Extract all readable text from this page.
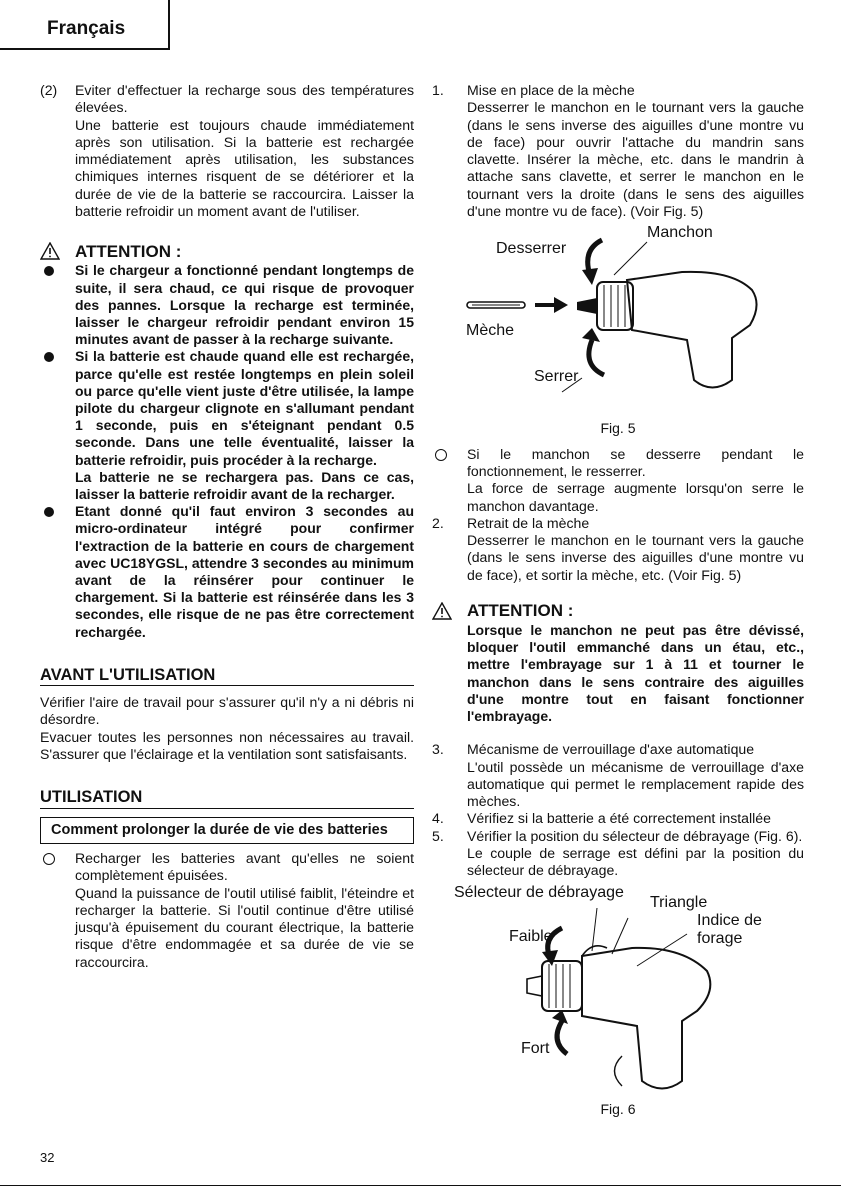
Français
(2)	Eviter d'effectuer la recharge sous des températures élevées.

Une batterie est toujours chaude immédiatement après son utilisation. Si la batterie est rechargée immédiatement après utilisation, les substances chimiques internes risquent de se détériorer et la durée de vie de la batterie se raccourcira. Laisser la batterie refroidir un moment avant de l'utiliser.

ATTENTION :
Si le chargeur a fonctionné pendant longtemps de suite, il sera chaud, ce qui risque de provoquer des pannes. Lorsque la recharge est terminée, laisser le chargeur refroidir pendant environ 15 minutes avant de passer à la recharge suivante.
Si la batterie est chaude quand elle est rechargée, parce qu'elle est restée longtemps en plein soleil ou parce qu'elle vient juste d'être utilisée, la lampe pilote du chargeur clignote en s'allumant pendant 1 seconde, puis en s'éteignant pendant 0.5 seconde. Dans une telle éventualité, laisser la batterie refroidir, puis procéder à la recharge.
La batterie ne se rechargera pas. Dans ce cas, laisser la batterie refroidir avant de la recharger.
Etant donné qu'il faut environ 3 secondes au micro-ordinateur intégré pour confirmer l'extraction de la batterie en cours de chargement avec UC18YGSL, attendre 3 secondes au minimum avant de la réinsérer pour continuer le chargement. Si la batterie est réinsérée dans les 3 secondes, elle risque de ne pas être correctement rechargée.
AVANT L'UTILISATION

Vérifier l'aire de travail pour s'assurer qu'il n'y a ni débris ni désordre.

Evacuer toutes les personnes non nécessaires au travail. S'assurer que l'éclairage et la ventilation sont satisfaisants.

UTILISATION
Comment prolonger la durée de vie des batteries

Recharger les batteries avant qu'elles ne soient complètement épuisées.

Quand la puissance de l'outil utilisé faiblit, l'éteindre et recharger la batterie. Si l'outil continue d'être utilisé jusqu'à épuisement du courant électrique, la batterie risque d'être endommagée et sa durée de vie se raccourcira.

1.	Mise en place de la mèche

Desserrer le manchon en le tournant vers la gauche (dans le sens inverse des aiguilles d'une montre vu de face) pour ouvrir l'attache du mandrin sans clavette. Insérer la mèche, etc. dans le mandrin à attache sans clavette, et serrer le manchon en le tournant vers la droite (dans le sens des aiguilles d'une montre vu de face). (Voir Fig. 5)

Manchon
Desserrer
Mèche
Serrer
Fig. 5

Si le manchon se desserre pendant le fonctionnement, le resserrer.

La force de serrage augmente lorsqu'on serre le manchon davantage.

2.	Retrait de la mèche

Desserrer le manchon en le tournant vers la gauche (dans le sens inverse des aiguilles d'une montre vu de face), et sortir la mèche, etc. (Voir Fig. 5)

ATTENTION :
Lorsque le manchon ne peut pas être dévissé, bloquer l'outil emmanché dans un étau, etc., mettre l'embrayage sur 1 à 11 et tourner le manchon dans le sens contraire des aiguilles d'une montre tout en faisant fonctionner l'embrayage.
3.	Mécanisme de verrouillage d'axe automatique

L'outil possède un mécanisme de verrouillage d'axe automatique qui permet le remplacement rapide des mèches.

4.	Vérifiez si la batterie a été correctement installée
5.	Vérifier la position du sélecteur de débrayage (Fig. 6).

Le couple de serrage est défini par la position du sélecteur de débrayage.

Sélecteur de débrayage
Triangle
Indice de
forage
Faible
Fort
Fig. 6
32
